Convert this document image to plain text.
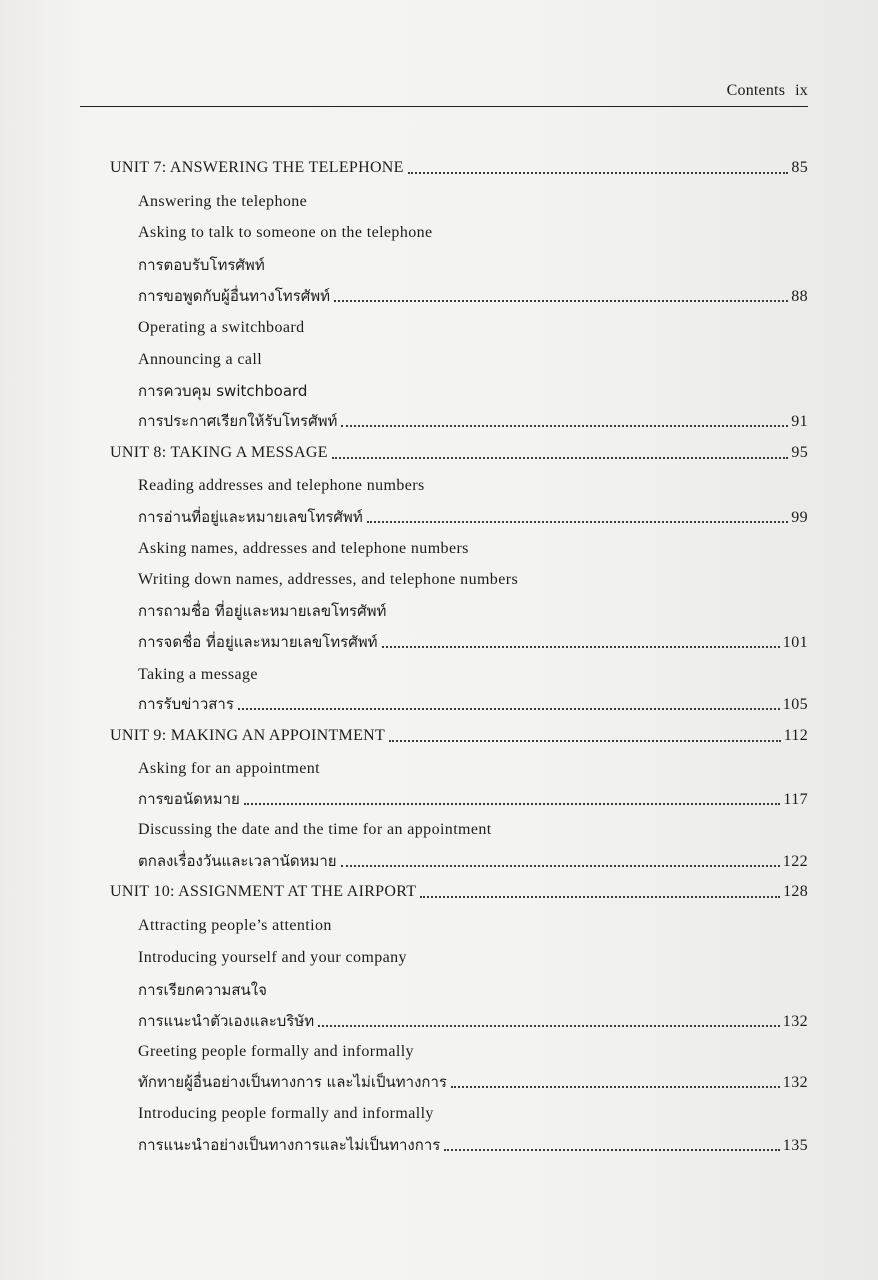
Contents ix
UNIT 7: ANSWERING THE TELEPHONE	85
Answering the telephone
Asking to talk to someone on the telephone
การตอบรับโทรศัพท์
การขอพูดกับผู้อื่นทางโทรศัพท์	88
Operating a switchboard
Announcing a call
การควบคุม switchboard
การประกาศเรียกให้รับโทรศัพท์	91
UNIT 8: TAKING A MESSAGE	95
Reading addresses and telephone numbers
การอ่านที่อยู่และหมายเลขโทรศัพท์	99
Asking names, addresses and telephone numbers
Writing down names, addresses, and telephone numbers
การถามชื่อ ที่อยู่และหมายเลขโทรศัพท์
การจดชื่อ ที่อยู่และหมายเลขโทรศัพท์	101
Taking a message
การรับข่าวสาร	105
UNIT 9: MAKING AN APPOINTMENT	112
Asking for an appointment
การขอนัดหมาย	117
Discussing the date and the time for an appointment
ตกลงเรื่องวันและเวลานัดหมาย	122
UNIT 10: ASSIGNMENT AT THE AIRPORT	128
Attracting people’s attention
Introducing yourself and your company
การเรียกความสนใจ
การแนะนำตัวเองและบริษัท	132
Greeting people formally and informally
ทักทายผู้อื่นอย่างเป็นทางการ และไม่เป็นทางการ	132
Introducing people formally and informally
การแนะนำอย่างเป็นทางการและไม่เป็นทางการ	135
